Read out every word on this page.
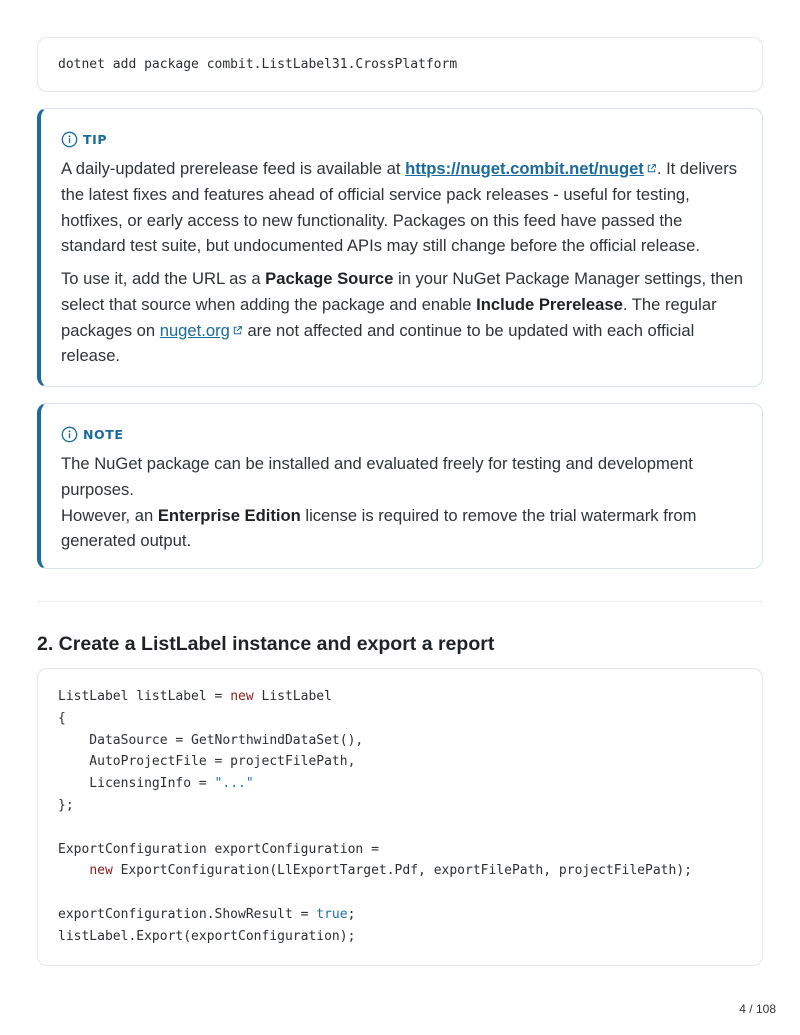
dotnet add package combit.ListLabel31.CrossPlatform
TIP

A daily-updated prerelease feed is available at https://nuget.combit.net/nuget . It delivers the latest fixes and features ahead of official service pack releases - useful for testing, hotfixes, or early access to new functionality. Packages on this feed have passed the standard test suite, but undocumented APIs may still change before the official release.

To use it, add the URL as a Package Source in your NuGet Package Manager settings, then select that source when adding the package and enable Include Prerelease. The regular packages on nuget.org are not affected and continue to be updated with each official release.

NOTE
The NuGet package can be installed and evaluated freely for testing and development purposes.
However, an Enterprise Edition license is required to remove the trial watermark from generated output.
2. Create a ListLabel instance and export a report
ListLabel listLabel = new ListLabel
{
DataSource = GetNorthwindDataSet(),
AutoProjectFile = projectFilePath,
LicensingInfo = "..."
};
ExportConfiguration exportConfiguration =
new ExportConfiguration(LlExportTarget.Pdf, exportFilePath, projectFilePath);
exportConfiguration.ShowResult = true;
listLabel.Export(exportConfiguration);
4 / 108
